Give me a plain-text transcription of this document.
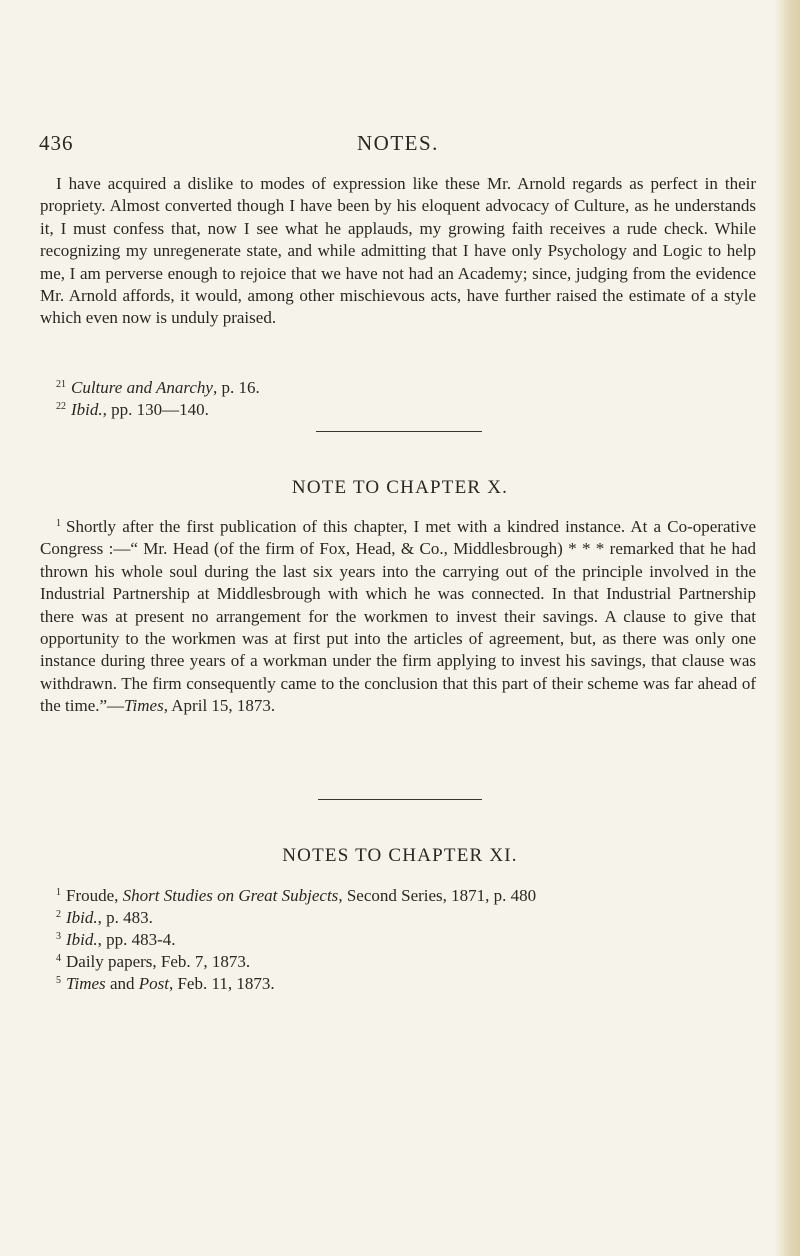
436	NOTES.

I have acquired a dislike to modes of expression like these Mr. Arnold regards as perfect in their propriety. Almost converted though I have been by his eloquent advocacy of Culture, as he understands it, I must confess that, now I see what he applauds, my growing faith receives a rude check. While recognizing my unregenerate state, and while admitting that I have only Psychology and Logic to help me, I am perverse enough to rejoice that we have not had an Academy; since, judging from the evidence Mr. Arnold affords, it would, among other mischievous acts, have further raised the estimate of a style which even now is unduly praised.

$^{21}$ Culture and Anarchy, p. 16.
$^{22}$ Ibid., pp. 130—140.
NOTE TO CHAPTER X.

$^1$ Shortly after the first publication of this chapter, I met with a kindred instance. At a Co-operative Congress :—“ Mr. Head (of the firm of Fox, Head, & Co., Middlesbrough) * * * remarked that he had thrown his whole soul during the last six years into the carrying out of the principle involved in the Industrial Partnership at Middlesbrough with which he was connected. In that Industrial Partnership there was at present no arrangement for the workmen to invest their savings. A clause to give that opportunity to the workmen was at first put into the articles of agreement, but, as there was only one instance during three years of a workman under the firm applying to invest his savings, that clause was withdrawn. The firm consequently came to the conclusion that this part of their scheme was far ahead of the time.”—Times, April 15, 1873.

NOTES TO CHAPTER XI.
$^1$ Froude, Short Studies on Great Subjects, Second Series, 1871, p. 480
$^2$ Ibid., p. 483.
$^3$ Ibid., pp. 483-4.
$^4$ Daily papers, Feb. 7, 1873.
$^5$ Times and Post, Feb. 11, 1873.
